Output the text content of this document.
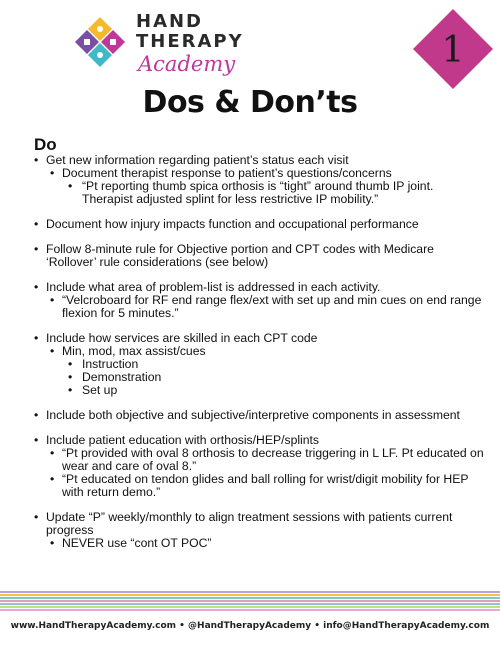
HAND
THERAPY
Academy	1
Dos & Don’ts
Do
• Get new information regarding patient’s status each visit
• Document therapist response to patient’s questions/concerns
• “Pt reporting thumb spica orthosis is “tight” around thumb IP joint. Therapist adjusted splint for less restrictive IP mobility.”
• Document how injury impacts function and occupational performance
• Follow 8-minute rule for Objective portion and CPT codes with Medicare ‘Rollover’ rule considerations (see below)
• Include what area of problem-list is addressed in each activity.
• “Velcroboard for RF end range flex/ext with set up and min cues on end range flexion for 5 minutes.”
• Include how services are skilled in each CPT code
• Min, mod, max assist/cues
• Instruction
• Demonstration
• Set up
• Include both objective and subjective/interpretive components in assessment
• Include patient education with orthosis/HEP/splints
• “Pt provided with oval 8 orthosis to decrease triggering in L LF. Pt educated on wear and care of oval 8.”
• “Pt educated on tendon glides and ball rolling for wrist/digit mobility for HEP with return demo.”
• Update “P” weekly/monthly to align treatment sessions with patients current progress
• NEVER use “cont OT POC”
www.HandTherapyAcademy.com • @HandTherapyAcademy • info@HandTherapyAcademy.com
